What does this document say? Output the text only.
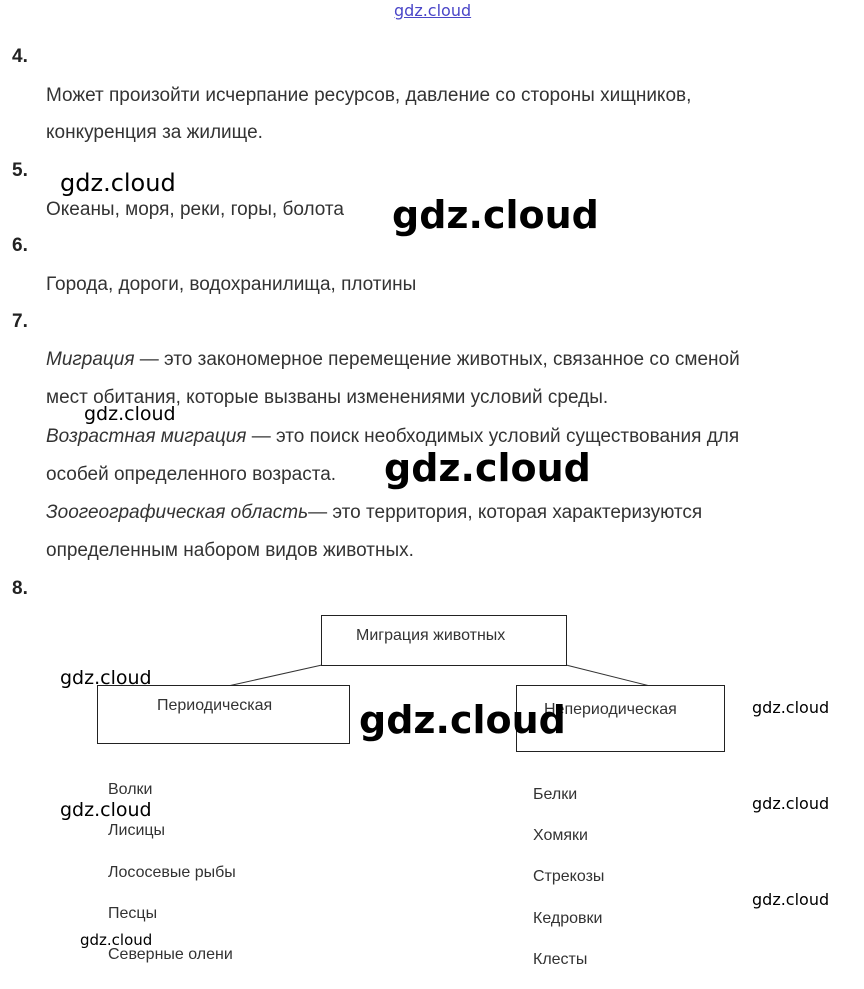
gdz.cloud
4.
Может произойти исчерпание ресурсов, давление со стороны хищников,
конкуренция за жилище.
5.
Океаны, моря, реки, горы, болота
6.
Города, дороги, водохранилища, плотины
7.
Миграция — это закономерное перемещение животных, связанное со сменой
мест обитания, которые вызваны изменениями условий среды.
Возрастная миграция — это поиск необходимых условий существования для
особей определенного возраста.
Зоогеографическая область— это территория, которая характеризуются
определенным набором видов животных.
8.
Миграция животных
Периодическая	Непериодическая
Волки
Лисицы
Лососевые рыбы
Песцы
Северные олени
Белки
Хомяки
Стрекозы
Кедровки
Клесты
gdz.cloud
gdz.cloud
gdz.cloud
gdz.cloud
gdz.cloud
gdz.cloud	gdz.cloud
gdz.cloud	gdz.cloud
gdz.cloud
gdz.cloud
